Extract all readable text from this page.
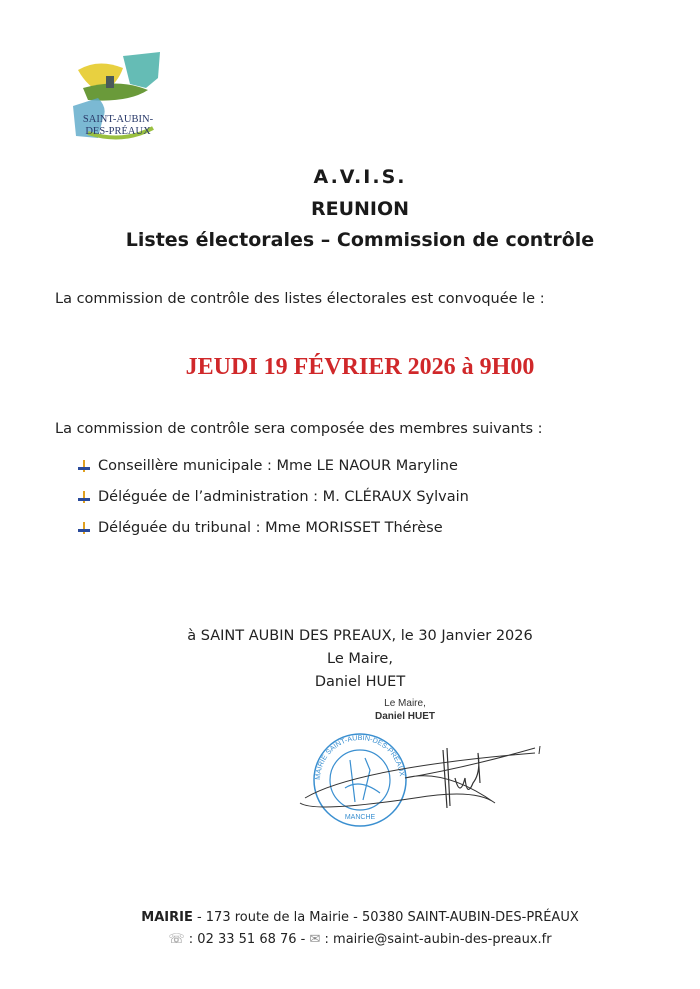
SAINT-AUBIN-
DES-PRÉAUX
A.V.I.S.
REUNION
Listes électorales – Commission de contrôle
La commission de contrôle des listes électorales est convoquée le :
JEUDI 19 FÉVRIER 2026 à 9H00
La commission de contrôle sera composée des membres suivants :
Conseillère municipale : Mme LE NAOUR Maryline
Déléguée de l’administration : M. CLÉRAUX Sylvain
Déléguée du tribunal : Mme MORISSET Thérèse
à SAINT AUBIN DES PREAUX, le 30 Janvier 2026
Le Maire,
Daniel HUET
Le Maire,
Daniel HUET
MAIRIE SAINT-AUBIN-DES-PREAUX
MANCHE
MAIRIE - 173 route de la Mairie - 50380 SAINT-AUBIN-DES-PRÉAUX
☏ : 02 33 51 68 76 - ✉ : mairie@saint-aubin-des-preaux.fr
